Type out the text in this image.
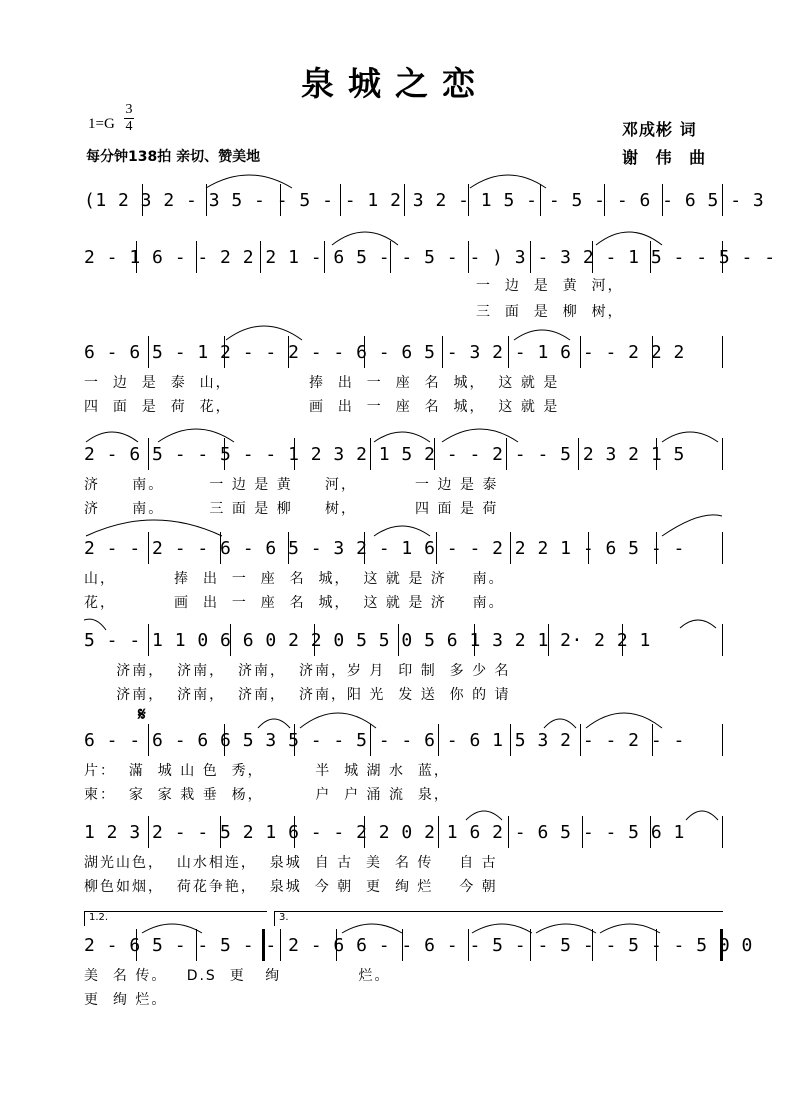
泉城之恋
1=G
3
4
每分钟138拍 亲切、赞美地
邓成彬 词
谢 伟 曲
(1 2 3 2 - 3 5 - - 5 - - 1 2 3 2 - 1 5 - - 5 - - 6 - 6 5 - 3
2 - 1 6 - - 2 2 2 1 - 6 5 - - 5 - - ) 3 - 3 2 - 1 5 - - 5 - -
一  边  是  黄  河，
三  面  是  柳  树，
6 - 6 5 - 1 2 - - 2 - - 6 - 6 5 - 3 2 - 1 6 - - 2 2 2
一  边  是  泰  山，            捧  出  一  座  名  城，  这 就 是
四  面  是  荷  花，            画  出  一  座  名  城，  这 就 是
2 - 6 5 - - 5 - - 1 2 3 2 1 5 2 - - 2 - - 5 2 3 2 1 5
济     南。       一 边 是 黄     河，         一 边 是 泰
济     南。       三 面 是 柳     树，         四 面 是 荷
2 - - 2 - - 6 - 6 5 - 3 2 - 1 6 - - 2 2 2 1 - 6 5 - -
山，         捧  出  一  座  名  城，  这 就 是 济    南。
花，         画  出  一  座  名  城，  这 就 是 济    南。
5 - - 1 1 0 6 6 0 2 2 0 5 5 0 5 6 1 3 2 1 2· 2 2 1
济南，  济南，  济南，  济南，岁 月  印 制  多 少 名
济南，  济南，  济南，  济南，阳 光  发 送  你 的 请
𝄋
6 - - 6 - 6 6 5 3 5 - - 5 - - 6 - 6 1 5 3 2 - - 2 - -
片：  滿  城 山 色  秀，        半  城 湖 水  蓝，
柬：  家  家 栽 垂  杨，        户  户 涌 流  泉，
1 2 3 2 - - 5 2 1 6 - - 2 2 0 2 1 6 2 - 6 5 - - 5 6 1
湖光山色，  山水相连，  泉城  自 古  美  名 传    自 古
柳色如烟，  荷花争艳，  泉城  今 朝  更  绚 烂    今 朝
1.2.	3.
2 - 6 5 - - 5 - - 2 - 6 6 - - 6 - - 5 - - 5 - - 5 - - 5 0 0
美  名 传。   D.S  更   绚            烂。
更  绚 烂。
